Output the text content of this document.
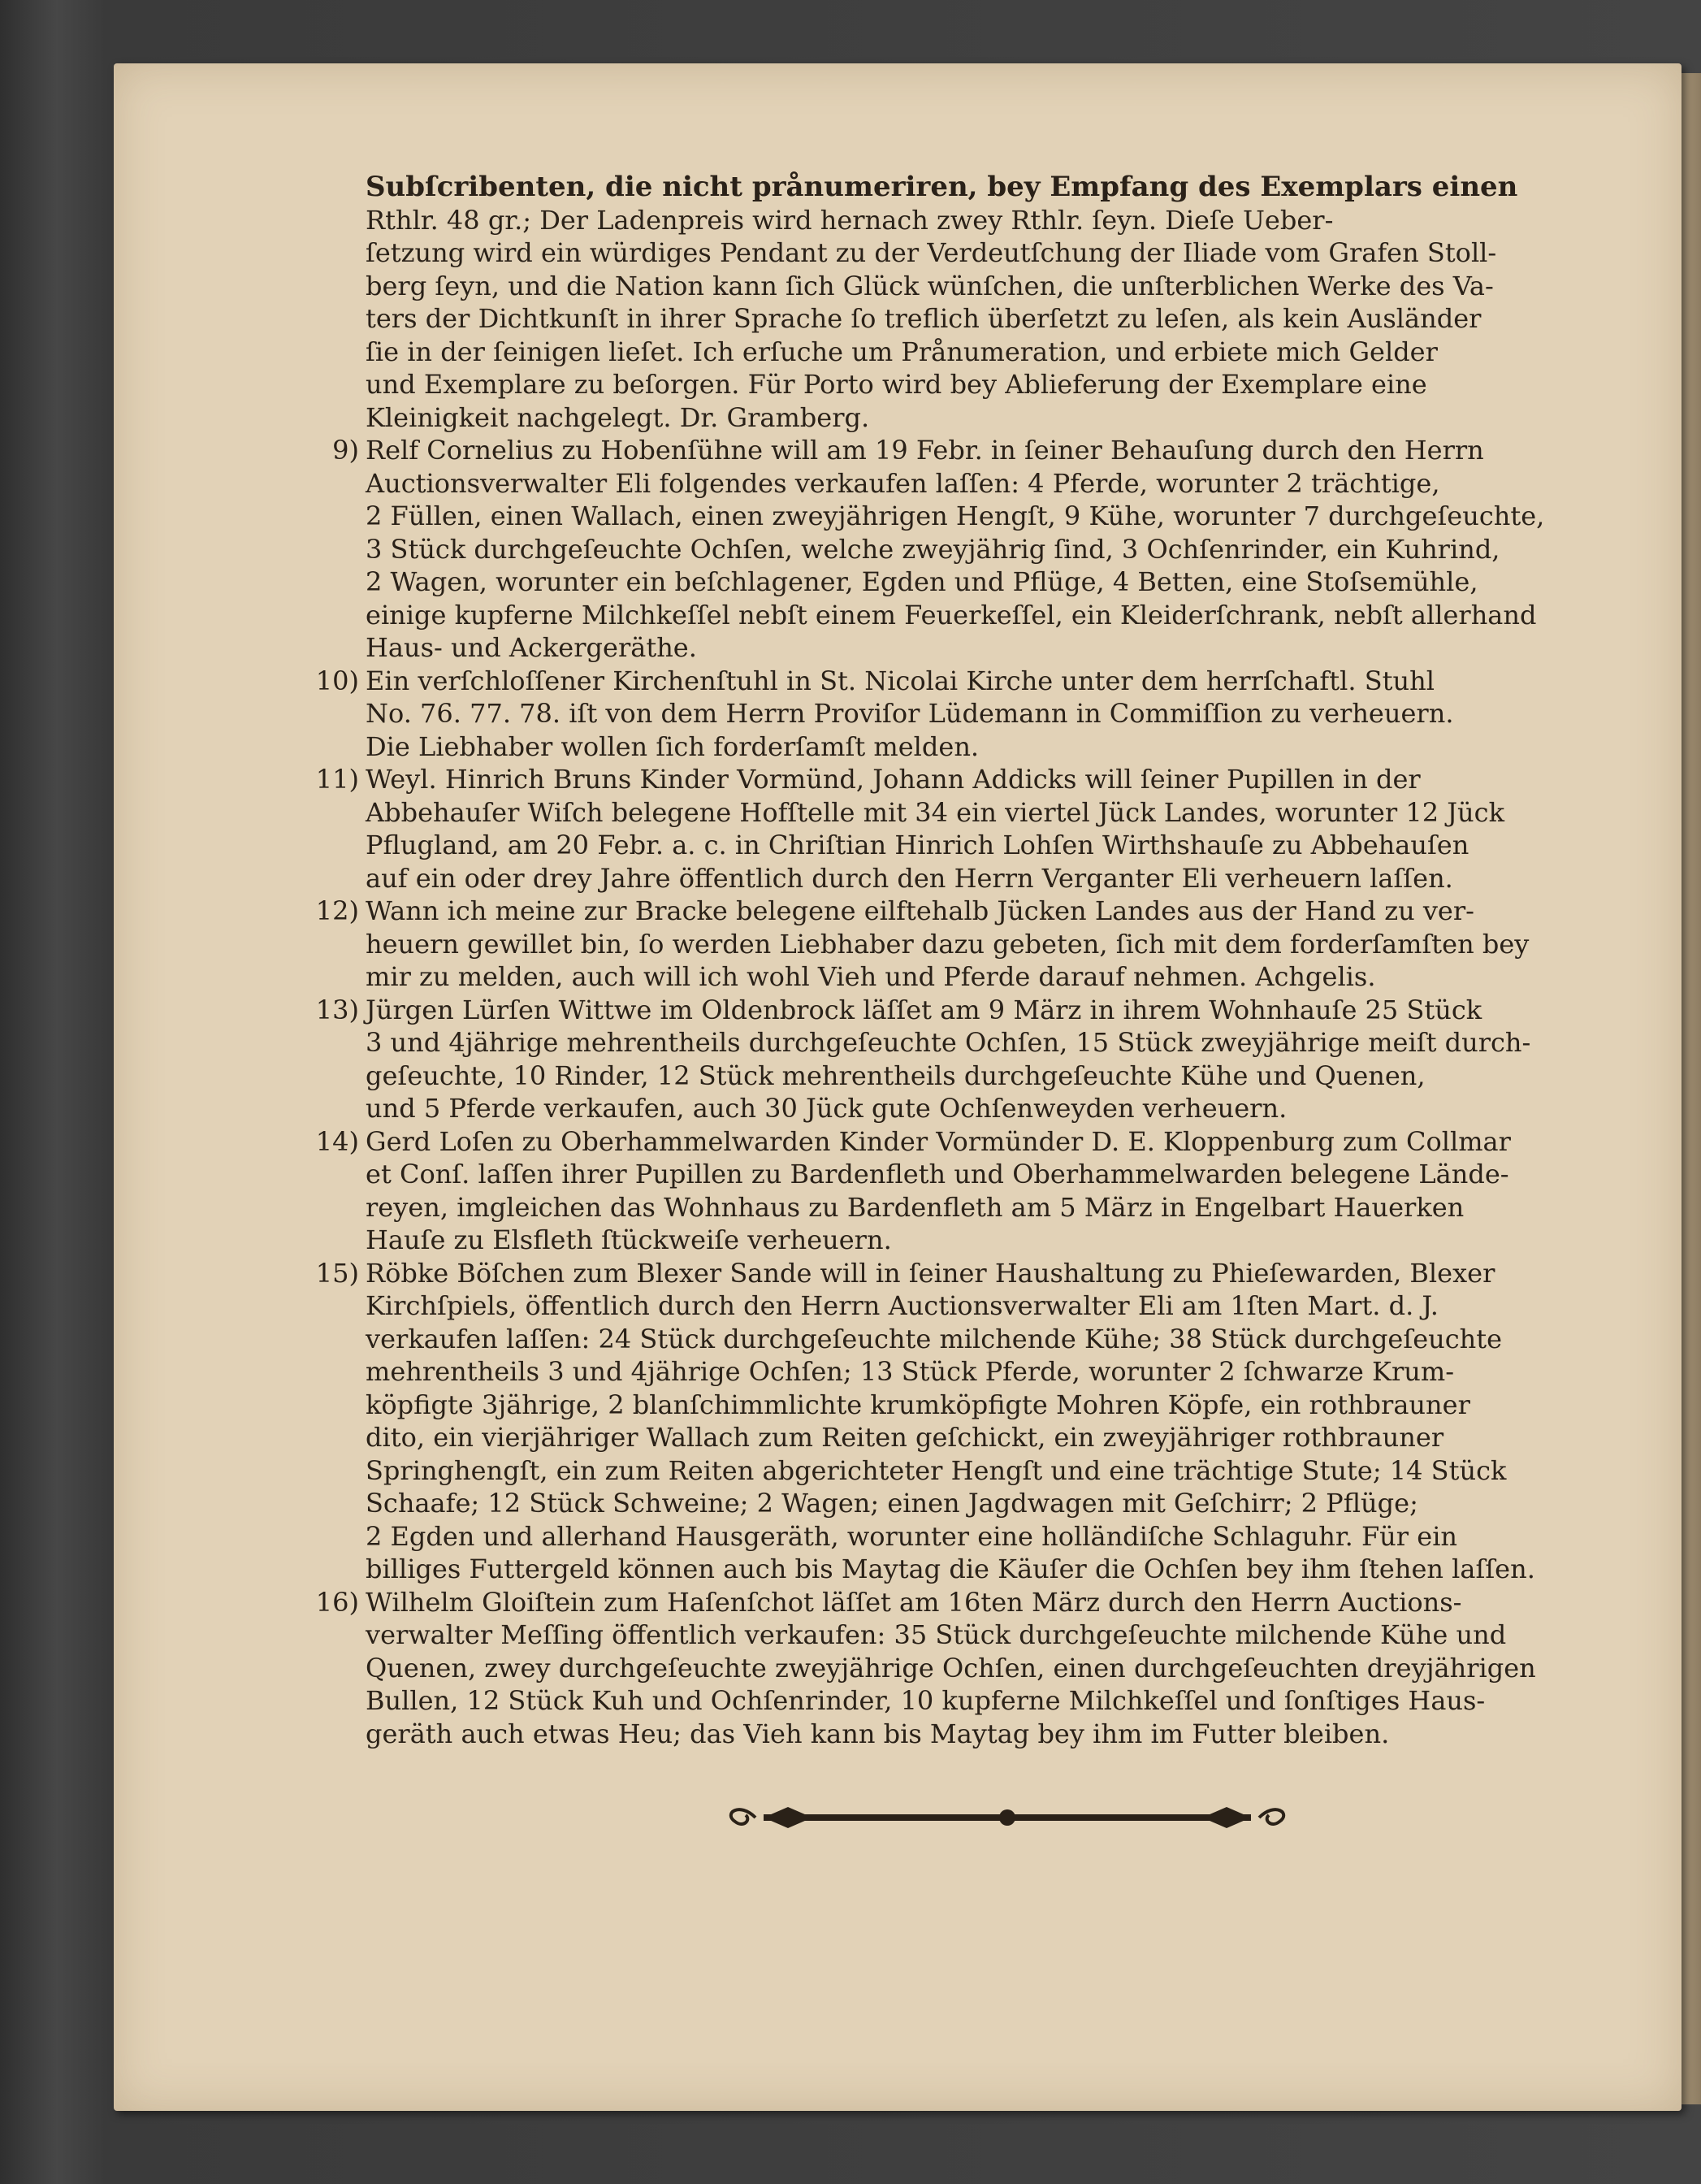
Subſcribenten, die nicht prånumeriren, bey Empfang des Exemplars einen
Rthlr. 48 gr.; Der Ladenpreis wird hernach zwey Rthlr. ſeyn. Dieſe Ueber-
ſetzung wird ein würdiges Pendant zu der Verdeutſchung der Iliade vom Grafen Stoll-
berg ſeyn, und die Nation kann ſich Glück wünſchen, die unſterblichen Werke des Va-
ters der Dichtkunſt in ihrer Sprache ſo treflich überſetzt zu leſen, als kein Ausländer
ſie in der ſeinigen lieſet. Ich erſuche um Prånumeration, und erbiete mich Gelder
und Exemplare zu beſorgen. Für Porto wird bey Ablieferung der Exemplare eine
Kleinigkeit nachgelegt. Dr. Gramberg.
9) Relf Cornelius zu Hobenſühne will am 19 Febr. in ſeiner Behauſung durch den Herrn
Auctionsverwalter Eli folgendes verkaufen laſſen: 4 Pferde, worunter 2 trächtige,
2 Füllen, einen Wallach, einen zweyjährigen Hengſt, 9 Kühe, worunter 7 durchgeſeuchte,
3 Stück durchgeſeuchte Ochſen, welche zweyjährig ſind, 3 Ochſenrinder, ein Kuhrind,
2 Wagen, worunter ein beſchlagener, Egden und Pflüge, 4 Betten, eine Stoſsemühle,
einige kupferne Milchkeſſel nebſt einem Feuerkeſſel, ein Kleiderſchrank, nebſt allerhand
Haus- und Ackergeräthe.
10) Ein verſchloſſener Kirchenſtuhl in St. Nicolai Kirche unter dem herrſchaftl. Stuhl
No. 76. 77. 78. iſt von dem Herrn Proviſor Lüdemann in Commiſſion zu verheuern.
Die Liebhaber wollen ſich forderſamſt melden.
11) Weyl. Hinrich Bruns Kinder Vormünd, Johann Addicks will ſeiner Pupillen in der
Abbehauſer Wiſch belegene Hofſtelle mit 34 ein viertel Jück Landes, worunter 12 Jück
Pflugland, am 20 Febr. a. c. in Chriſtian Hinrich Lohſen Wirthshauſe zu Abbehauſen
auf ein oder drey Jahre öffentlich durch den Herrn Verganter Eli verheuern laſſen.
12) Wann ich meine zur Bracke belegene eilftehalb Jücken Landes aus der Hand zu ver-
heuern gewillet bin, ſo werden Liebhaber dazu gebeten, ſich mit dem forderſamſten bey
mir zu melden, auch will ich wohl Vieh und Pferde darauf nehmen. Achgelis.
13) Jürgen Lürſen Wittwe im Oldenbrock läſſet am 9 März in ihrem Wohnhauſe 25 Stück
3 und 4jährige mehrentheils durchgeſeuchte Ochſen, 15 Stück zweyjährige meiſt durch-
geſeuchte, 10 Rinder, 12 Stück mehrentheils durchgeſeuchte Kühe und Quenen,
und 5 Pferde verkaufen, auch 30 Jück gute Ochſenweyden verheuern.
14) Gerd Loſen zu Oberhammelwarden Kinder Vormünder D. E. Kloppenburg zum Collmar
et Conſ. laſſen ihrer Pupillen zu Bardenfleth und Oberhammelwarden belegene Lände-
reyen, imgleichen das Wohnhaus zu Bardenfleth am 5 März in Engelbart Hauerken
Hauſe zu Elsfleth ſtückweiſe verheuern.
15) Röbke Böſchen zum Blexer Sande will in ſeiner Haushaltung zu Phieſewarden, Blexer
Kirchſpiels, öffentlich durch den Herrn Auctionsverwalter Eli am 1ſten Mart. d. J.
verkaufen laſſen: 24 Stück durchgeſeuchte milchende Kühe; 38 Stück durchgeſeuchte
mehrentheils 3 und 4jährige Ochſen; 13 Stück Pferde, worunter 2 ſchwarze Krum-
köpfigte 3jährige, 2 blanſchimmlichte krumköpfigte Mohren Köpfe, ein rothbrauner
dito, ein vierjähriger Wallach zum Reiten geſchickt, ein zweyjähriger rothbrauner
Springhengſt, ein zum Reiten abgerichteter Hengſt und eine trächtige Stute; 14 Stück
Schaafe; 12 Stück Schweine; 2 Wagen; einen Jagdwagen mit Geſchirr; 2 Pflüge;
2 Egden und allerhand Hausgeräth, worunter eine holländiſche Schlaguhr. Für ein
billiges Futtergeld können auch bis Maytag die Käuſer die Ochſen bey ihm ſtehen laſſen.
16) Wilhelm Gloiſtein zum Haſenſchot läſſet am 16ten März durch den Herrn Auctions-
verwalter Meſſing öffentlich verkaufen: 35 Stück durchgeſeuchte milchende Kühe und
Quenen, zwey durchgeſeuchte zweyjährige Ochſen, einen durchgeſeuchten dreyjährigen
Bullen, 12 Stück Kuh und Ochſenrinder, 10 kupferne Milchkeſſel und ſonſtiges Haus-
geräth auch etwas Heu; das Vieh kann bis Maytag bey ihm im Futter bleiben.
